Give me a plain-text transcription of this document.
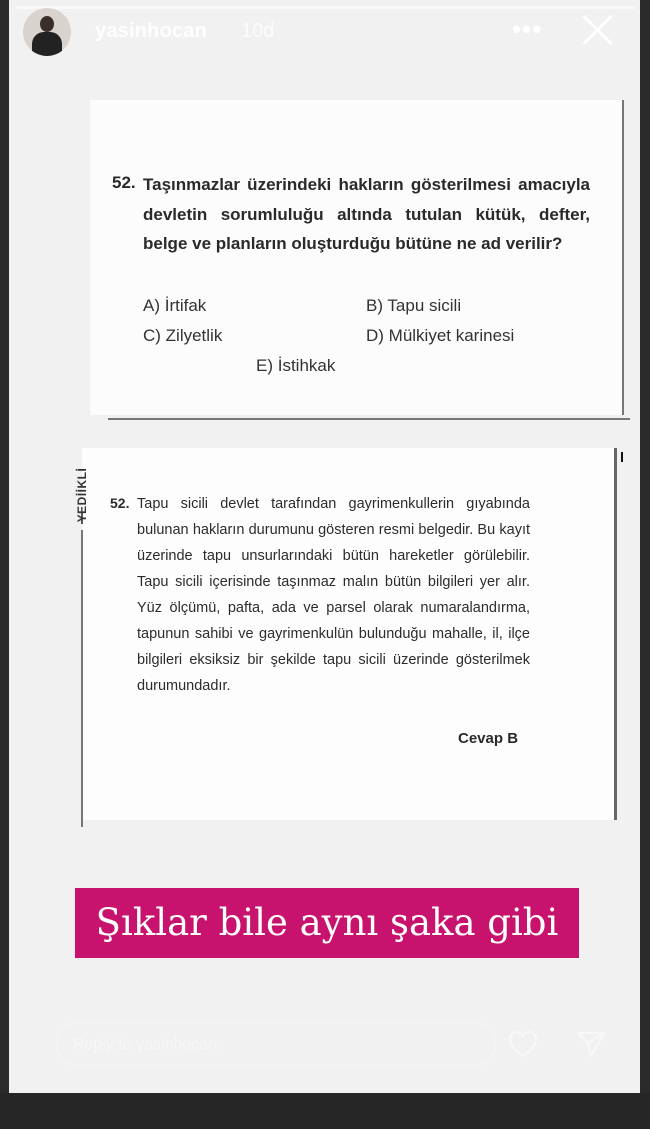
yasinhocan 10d	•••
52. Taşınmazlar üzerindeki hakların gösterilmesi amacıyla devletin sorumluluğu altında tutulan kütük, defter, belge ve planların oluşturduğu bütüne ne ad verilir?
A) İrtifak	B) Tapu sicili
C) Zilyetlik	D) Mülkiyet karinesi
E) İstihkak
YEDİİKLİ	52. Tapu sicili devlet tarafından gayrimenkullerin gıyabında bulunan hakların durumunu gösteren resmi belgedir. Bu kayıt üzerinde tapu unsurlarındaki bütün hareketler görülebilir. Tapu sicili içerisinde taşınmaz malın bütün bilgileri yer alır. Yüz ölçümü, pafta, ada ve parsel olarak numaralandırma, tapunun sahibi ve gayrimenkulün bulunduğu mahalle, il, ilçe bilgileri eksiksiz bir şekilde tapu sicili üzerinde gösterilmek durumundadır.
Cevap B
Şıklar bile aynı şaka gibi
Reply to yasinhocan
